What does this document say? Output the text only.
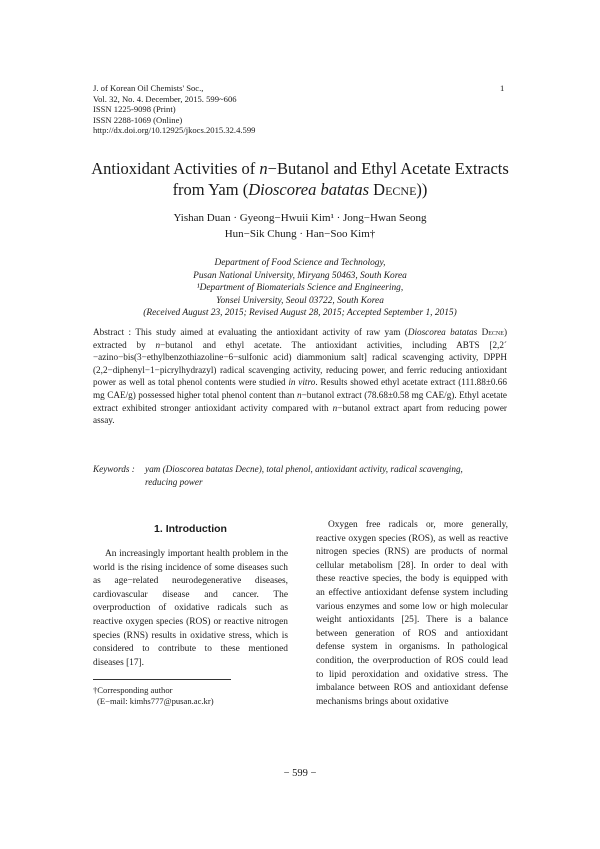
J. of Korean Oil Chemists' Soc.,
Vol. 32, No. 4. December, 2015. 599~606
ISSN 1225-9098 (Print)
ISSN 2288-1069 (Online)
http://dx.doi.org/10.12925/jkocs.2015.32.4.599
1
Antioxidant Activities of n−Butanol and Ethyl Acetate Extracts
from Yam (Dioscorea batatas Decne))
Yishan Duan · Gyeong−Hwuii Kim¹ · Jong−Hwan Seong
Hun−Sik Chung · Han−Soo Kim†
Department of Food Science and Technology,
Pusan National University, Miryang 50463, South Korea
¹Department of Biomaterials Science and Engineering,
Yonsei University, Seoul 03722, South Korea
(Received August 23, 2015; Revised August 28, 2015; Accepted September 1, 2015)
Abstract : This study aimed at evaluating the antioxidant activity of raw yam (Dioscorea batatas Decne) extracted by n−butanol and ethyl acetate. The antioxidant activities, including ABTS [2,2´ −azino−bis(3−ethylbenzothiazoline−6−sulfonic acid) diammonium salt] radical scavenging activity, DPPH (2,2−diphenyl−1−picrylhydrazyl) radical scavenging activity, reducing power, and ferric reducing antioxidant power as well as total phenol contents were studied in vitro. Results showed ethyl acetate extract (111.88±0.66 mg CAE/g) possessed higher total phenol content than n−butanol extract (78.68±0.58 mg CAE/g). Ethyl acetate extract exhibited stronger antioxidant activity compared with n−butanol extract apart from reducing power assay.
Keywords : yam (Dioscorea batatas Decne), total phenol, antioxidant activity, radical scavenging,
reducing power
1. Introduction
An increasingly important health problem in the world is the rising incidence of some diseases such as age−related neurodegenerative diseases, cardiovascular disease and cancer. The overproduction of oxidative radicals such as reactive oxygen species (ROS) or reactive nitrogen species (RNS) results in oxidative stress, which is considered to contribute to these mentioned diseases [17].
Oxygen free radicals or, more generally, reactive oxygen species (ROS), as well as reactive nitrogen species (RNS) are products of normal cellular metabolism [28]. In order to deal with these reactive species, the body is equipped with an effective antioxidant defense system including various enzymes and some low or high molecular weight antioxidants [25]. There is a balance between generation of ROS and antioxidant defense system in organisms. In pathological condition, the overproduction of ROS could lead to lipid peroxidation and oxidative stress. The imbalance between ROS and antioxidant defense mechanisms brings about oxidative
†Corresponding author
(E−mail: kimhs777@pusan.ac.kr)
− 599 −
